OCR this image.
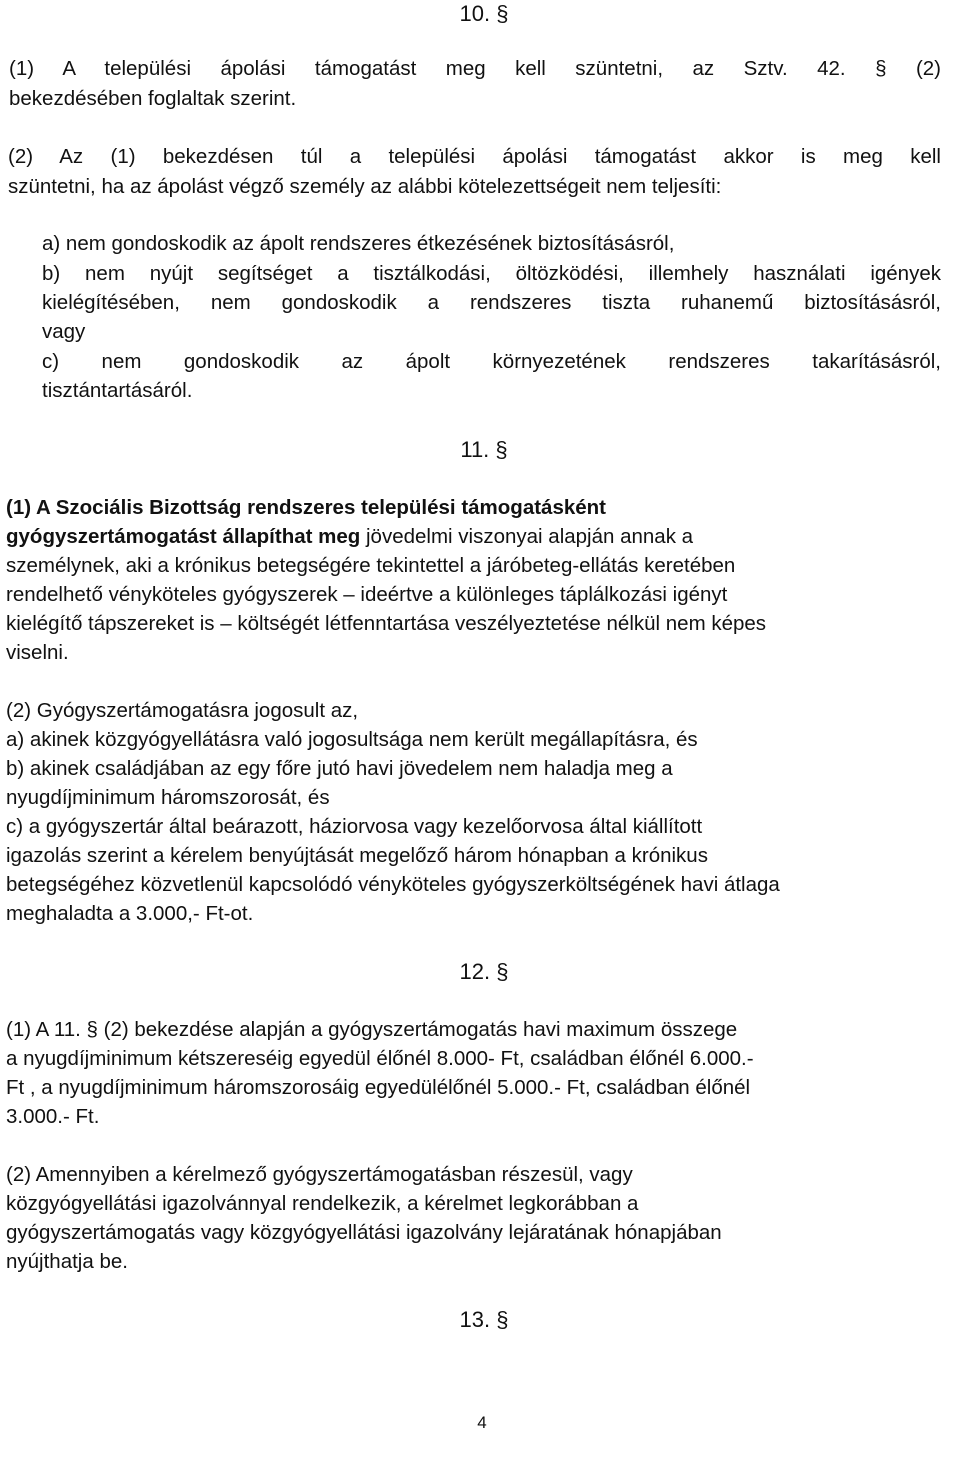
10. §
(1) A települési ápolási támogatást meg kell szüntetni, az Sztv. 42. § (2)
bekezdésében foglaltak szerint.
(2) Az (1) bekezdésen túl a települési ápolási támogatást akkor is meg kell
szüntetni, ha az ápolást végző személy az alábbi kötelezettségeit nem teljesíti:
a) nem gondoskodik az ápolt rendszeres étkezésének biztosításásról,
b) nem nyújt segítséget a tisztálkodási, öltözködési, illemhely használati igények
kielégítésében, nem gondoskodik a rendszeres tiszta ruhanemű biztosításásról,
vagy
c) nem gondoskodik az ápolt környezetének rendszeres takarításásról,
tisztántartásáról.
11. §
(1) A Szociális Bizottság rendszeres települési támogatásként
gyógyszertámogatást állapíthat meg jövedelmi viszonyai alapján annak a
személynek, aki a krónikus betegségére tekintettel a járóbeteg-ellátás keretében
rendelhető vényköteles gyógyszerek – ideértve a különleges táplálkozási igényt
kielégítő tápszereket is – költségét létfenntartása veszélyeztetése nélkül nem képes
viselni.
(2) Gyógyszertámogatásra jogosult az,
a) akinek közgyógyellátásra való jogosultsága nem került megállapításra, és
b) akinek családjában az egy főre jutó havi jövedelem nem haladja meg a
nyugdíjminimum háromszorosát, és
c) a gyógyszertár által beárazott, háziorvosa vagy kezelőorvosa által kiállított
igazolás szerint a kérelem benyújtását megelőző három hónapban a krónikus
betegségéhez közvetlenül kapcsolódó vényköteles gyógyszerköltségének havi átlaga
meghaladta a 3.000,- Ft-ot.
12. §
(1) A 11. § (2) bekezdése alapján a gyógyszertámogatás havi maximum összege
a nyugdíjminimum kétszereséig egyedül élőnél 8.000- Ft, családban élőnél 6.000.-
Ft , a nyugdíjminimum háromszorosáig egyedülélőnél 5.000.- Ft, családban élőnél
3.000.- Ft.
(2) Amennyiben a kérelmező gyógyszertámogatásban részesül, vagy
közgyógyellátási igazolvánnyal rendelkezik, a kérelmet legkorábban a
gyógyszertámogatás vagy közgyógyellátási igazolvány lejáratának hónapjában
nyújthatja be.
13. §
4
